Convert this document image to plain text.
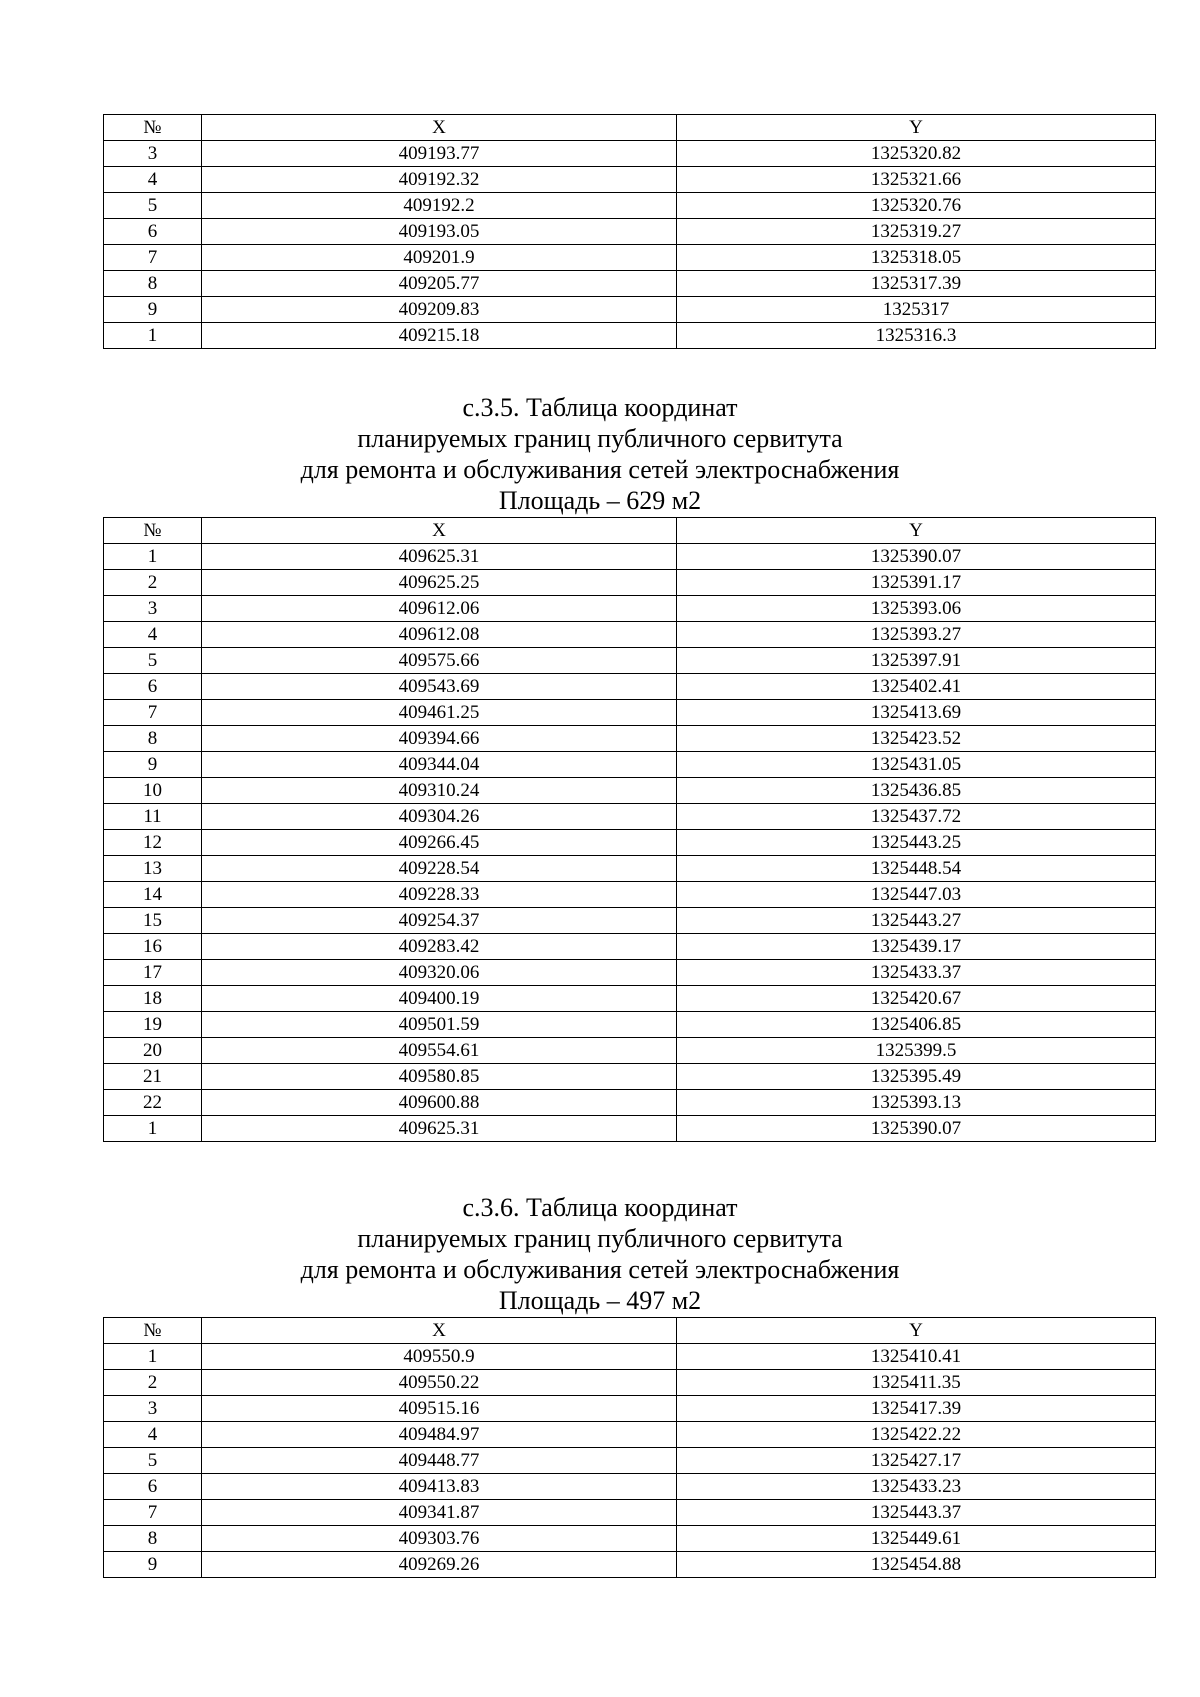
№	X	Y
3	409193.77	1325320.82
4	409192.32	1325321.66
5	409192.2	1325320.76
6	409193.05	1325319.27
7	409201.9	1325318.05
8	409205.77	1325317.39
9	409209.83	1325317
1	409215.18	1325316.3
с.3.5. Таблица координат
планируемых границ публичного сервитута
для ремонта и обслуживания сетей электроснабжения
Площадь – 629 м2
№	X	Y
1	409625.31	1325390.07
2	409625.25	1325391.17
3	409612.06	1325393.06
4	409612.08	1325393.27
5	409575.66	1325397.91
6	409543.69	1325402.41
7	409461.25	1325413.69
8	409394.66	1325423.52
9	409344.04	1325431.05
10	409310.24	1325436.85
11	409304.26	1325437.72
12	409266.45	1325443.25
13	409228.54	1325448.54
14	409228.33	1325447.03
15	409254.37	1325443.27
16	409283.42	1325439.17
17	409320.06	1325433.37
18	409400.19	1325420.67
19	409501.59	1325406.85
20	409554.61	1325399.5
21	409580.85	1325395.49
22	409600.88	1325393.13
1	409625.31	1325390.07
с.3.6. Таблица координат
планируемых границ публичного сервитута
для ремонта и обслуживания сетей электроснабжения
Площадь – 497 м2
№	X	Y
1	409550.9	1325410.41
2	409550.22	1325411.35
3	409515.16	1325417.39
4	409484.97	1325422.22
5	409448.77	1325427.17
6	409413.83	1325433.23
7	409341.87	1325443.37
8	409303.76	1325449.61
9	409269.26	1325454.88
